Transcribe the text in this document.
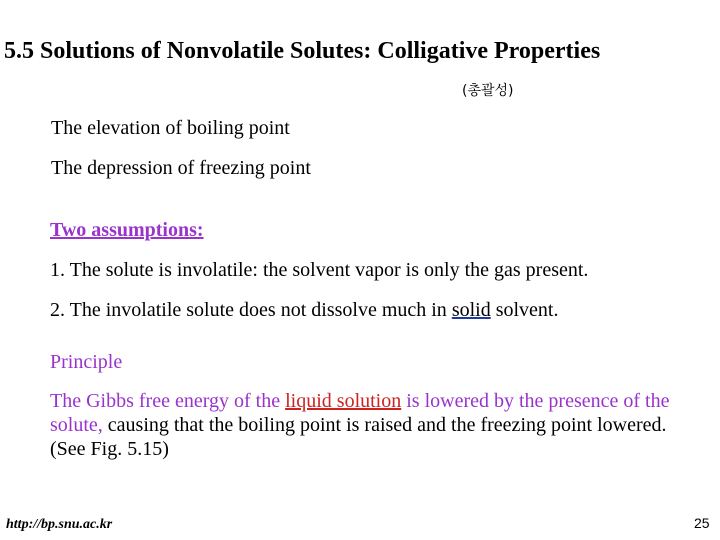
5.5 Solutions of Nonvolatile Solutes: Colligative Properties
(총괄성)
The elevation of boiling point
The depression of freezing point
Two assumptions:
1. The solute is involatile: the solvent vapor is only the gas present.
2. The involatile solute does not dissolve much in solid solvent.
Principle
The Gibbs free energy of the liquid solution is lowered by the presence of the solute, causing that the boiling point is raised and the freezing point lowered. (See Fig. 5.15)
http://bp.snu.ac.kr	25
